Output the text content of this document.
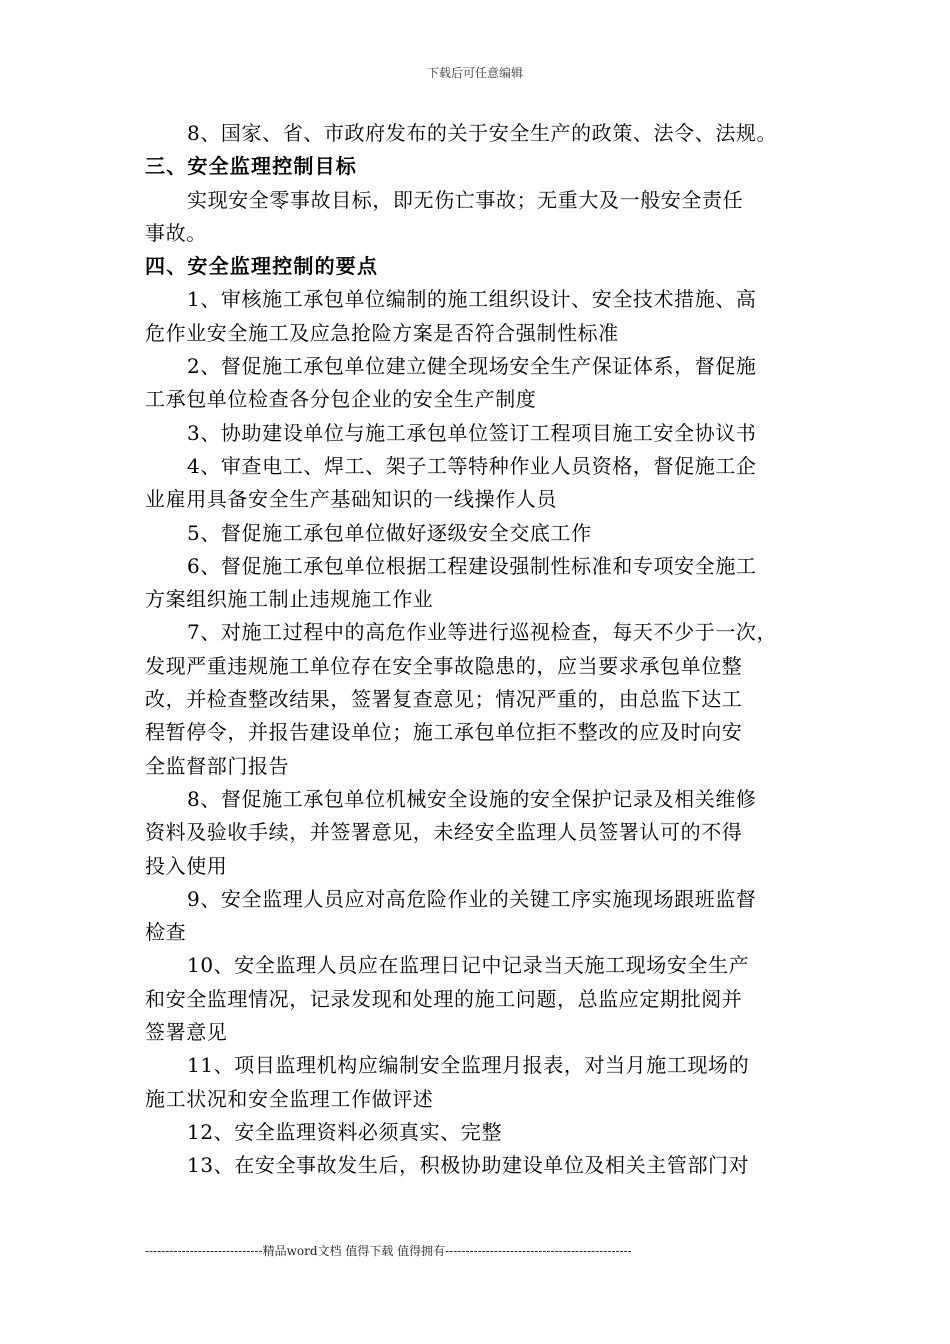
下载后可任意编辑
8、国家、省、市政府发布的关于安全生产的政策、法令、法规。
三、安全监理控制目标
实现安全零事故目标，即无伤亡事故；无重大及一般安全责任
事故。
四、安全监理控制的要点
1、审核施工承包单位编制的施工组织设计、安全技术措施、高
危作业安全施工及应急抢险方案是否符合强制性标准
2、督促施工承包单位建立健全现场安全生产保证体系，督促施
工承包单位检查各分包企业的安全生产制度
3、协助建设单位与施工承包单位签订工程项目施工安全协议书
4、审查电工、焊工、架子工等特种作业人员资格，督促施工企
业雇用具备安全生产基础知识的一线操作人员
5、督促施工承包单位做好逐级安全交底工作
6、督促施工承包单位根据工程建设强制性标准和专项安全施工
方案组织施工制止违规施工作业
7、对施工过程中的高危作业等进行巡视检查，每天不少于一次，
发现严重违规施工单位存在安全事故隐患的，应当要求承包单位整
改，并检查整改结果，签署复查意见；情况严重的，由总监下达工
程暂停令，并报告建设单位；施工承包单位拒不整改的应及时向安
全监督部门报告
8、督促施工承包单位机械安全设施的安全保护记录及相关维修
资料及验收手续，并签署意见，未经安全监理人员签署认可的不得
投入使用
9、安全监理人员应对高危险作业的关键工序实施现场跟班监督
检查
10、安全监理人员应在监理日记中记录当天施工现场安全生产
和安全监理情况，记录发现和处理的施工问题，总监应定期批阅并
签署意见
11、项目监理机构应编制安全监理月报表，对当月施工现场的
施工状况和安全监理工作做评述
12、安全监理资料必须真实、完整
13、在安全事故发生后，积极协助建设单位及相关主管部门对
-----------------------------精品word文档 值得下载 值得拥有----------------------------------------------
